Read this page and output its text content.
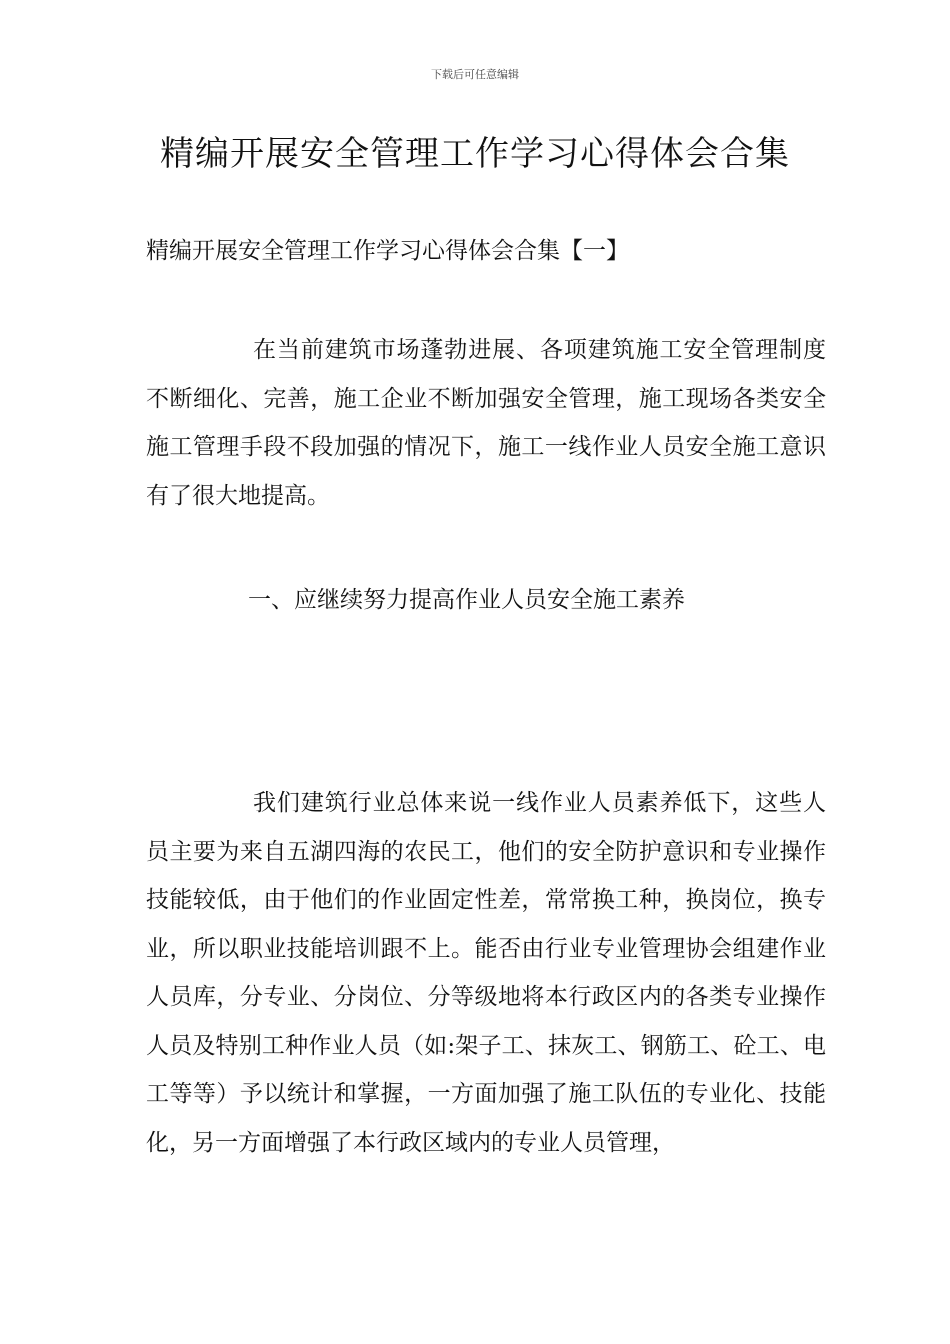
下载后可任意编辑
精编开展安全管理工作学习心得体会合集
精编开展安全管理工作学习心得体会合集【一】

在当前建筑市场蓬勃进展、各项建筑施工安全管理制度不断细化、完善，施工企业不断加强安全管理，施工现场各类安全施工管理手段不段加强的情况下，施工一线作业人员安全施工意识有了很大地提高。

一、应继续努力提高作业人员安全施工素养

我们建筑行业总体来说一线作业人员素养低下，这些人员主要为来自五湖四海的农民工，他们的安全防护意识和专业操作技能较低，由于他们的作业固定性差，常常换工种，换岗位，换专业，所以职业技能培训跟不上。能否由行业专业管理协会组建作业人员库，分专业、分岗位、分等级地将本行政区内的各类专业操作人员及特别工种作业人员（如:架子工、抹灰工、钢筋工、砼工、电工等等）予以统计和掌握，一方面加强了施工队伍的专业化、技能化，另一方面增强了本行政区域内的专业人员管理，
